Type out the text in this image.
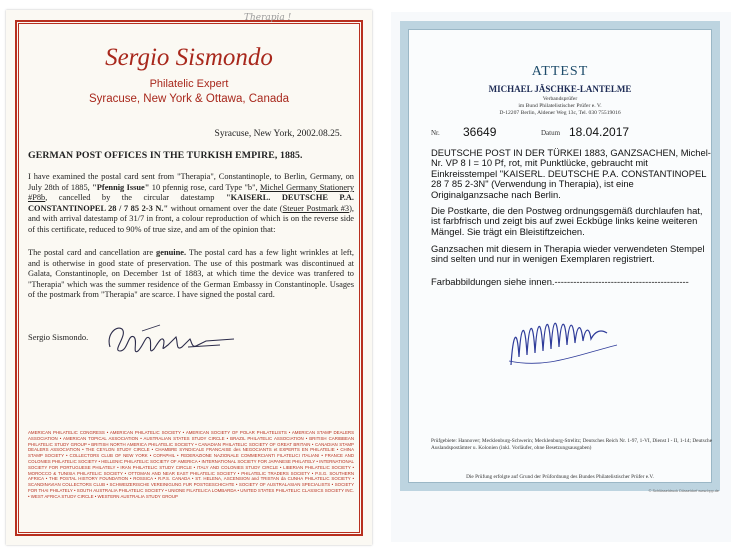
Therapia !
Sergio Sismondo
Philatelic Expert
Syracuse, New York & Ottawa, Canada
Syracuse, New York, 2002.08.25.
GERMAN POST OFFICES IN THE TURKISH EMPIRE, 1885.
I have examined the postal card sent from "Therapia", Constantinople, to Berlin, Germany, on July 28th of 1885, "Pfennig Issue" 10 pfennig rose, card Type "b", Michel Germany Stationery #P8b, cancelled by the circular datestamp "KAISERL. DEUTSCHE P.A. CONSTANTINOPEL 28 / 7 85 2-3 N." without ornament over the date (Steuer Postmark #3), and with arrival datestamp of 31/7 in front, a colour reproduction of which is on the reverse side of this certificate, reduced to 90% of true size, and am of the opinion that:
The postal card and cancellation are genuine. The postal card has a few light wrinkles at left, and is otherwise in good state of preservation. The use of this postmark was discontinued at Galata, Constantinople, on December 1st of 1883, at which time the device was tranfered to "Therapia" which was the summer residence of the German Embassy in Constantinople. Usages of the postmark from "Therapia" are scarce. I have signed the postal card.
Sergio Sismondo.
AMERICAN PHILATELIC CONGRESS • AMERICAN PHILATELIC SOCIETY • AMERICAN SOCIETY OF POLAR PHILATELISTS • AMERICAN STAMP DEALERS ASSOCIATION • AMERICAN TOPICAL ASSOCIATION • AUSTRALIAN STATES STUDY CIRCLE • BRAZIL PHILATELIC ASSOCIATION • BRITISH CARIBBEAN PHILATELIC STUDY GROUP • BRITISH NORTH AMERICA PHILATELIC SOCIETY • CANADIAN PHILATELIC SOCIETY OF GREAT BRITAIN • CANADIAN STAMP DEALERS ASSOCIATION • THE CEYLON STUDY CIRCLE • CHAMBRE SYNDICALE FRANCAISE des NEGOCIANTS et EXPERTS EN PHILATELIE • CHINA STAMP SOCIETY • COLLECTORS CLUB OF NEW YORK • COPAPHIL • FEDERAZIONE NAZIONALE COMMERCIANTI FILATELICI ITALIANI • FRANCE AND COLONIES PHILATELIC SOCIETY • HELLENIC PHILATELIC SOCIETY OF AMERICA • INTERNATIONAL SOCIETY FOR JAPANESE PHILATELY • INTERNATIONAL SOCIETY FOR PORTUGUESE PHILATELY • IRAN PHILATELIC STUDY CIRCLE • ITALY AND COLONIES STUDY CIRCLE • LIBERIAN PHILATELIC SOCIETY • MOROCCO & TUNISIA PHILATELIC SOCIETY • OTTOMAN AND NEAR EAST PHILATELIC SOCIETY • PHILATELIC TRADERS SOCIETY • P.S.G. SOUTHERN AFRICA • THE POSTAL HISTORY FOUNDATION • ROSSICA • R.P.S. CANADA • ST. HELENA, ASCENSION and TRISTAN da CUNHA PHILATELIC SOCIETY • SCANDINAVIAN COLLECTORS CLUB • SCHWEIZERISCHE VEREINIGUNG FUR POSTGESCHICHTE • SOCIETY OF AUSTRALASIAN SPECIALISTS • SOCIETY FOR THAI PHILATELY • SOUTH AUSTRALIA PHILATELIC SOCIETY • UNIONE FILATELICA LOMBARDA • UNITED STATES PHILATELIC CLASSICS SOCIETY INC. • WEST AFRICA STUDY CIRCLE • WESTERN AUSTRALIA STUDY GROUP
ATTEST
MICHAEL JÄSCHKE-LANTELME
Verbandsprüfer
im Bund Philatelistischer Prüfer e. V.
D-12207 Berlin, Aldener Weg 13c, Tel. 030 75519016
Nr. 36649	Datum 18.04.2017
DEUTSCHE POST IN DER TÜRKEI 1883, GANZSACHEN, Michel-Nr. VP 8 I = 10 Pf, rot, mit Punktlücke, gebraucht mit Einkreisstempel "KAISERL. DEUTSCHE P.A. CONSTANTINOPEL 28 7 85 2-3N" (Verwendung in Therapia), ist eine Originalganzsache nach Berlin.
Die Postkarte, die den Postweg ordnungsgemäß durchlaufen hat, ist farbfrisch und zeigt bis auf zwei Eckbüge links keine weiteren Mängel. Sie trägt ein Bleistiftzeichen.
Ganzsachen mit diesem in Therapia wieder verwendeten Stempel sind selten und nur in wenigen Exemplaren registriert.
Farbabbildungen siehe innen.-------------------------------------------
Prüfgebiete: Hannover; Mecklenburg-Schwerin; Mecklenburg-Strelitz; Deutsches Reich Nr. 1-97, 1-VI, Dienst I - II, 1-14; Deutsche Auslandspostämter u. Kolonien (inkl. Vorläufer, ohne Besetzungsausgaben)
Die Prüfung erfolgte auf Grund der Prüfordnung des Bundes Philatelistischer Prüfer e.V.
© Schlüsseldruck Düsseldorf www.bpp.de
